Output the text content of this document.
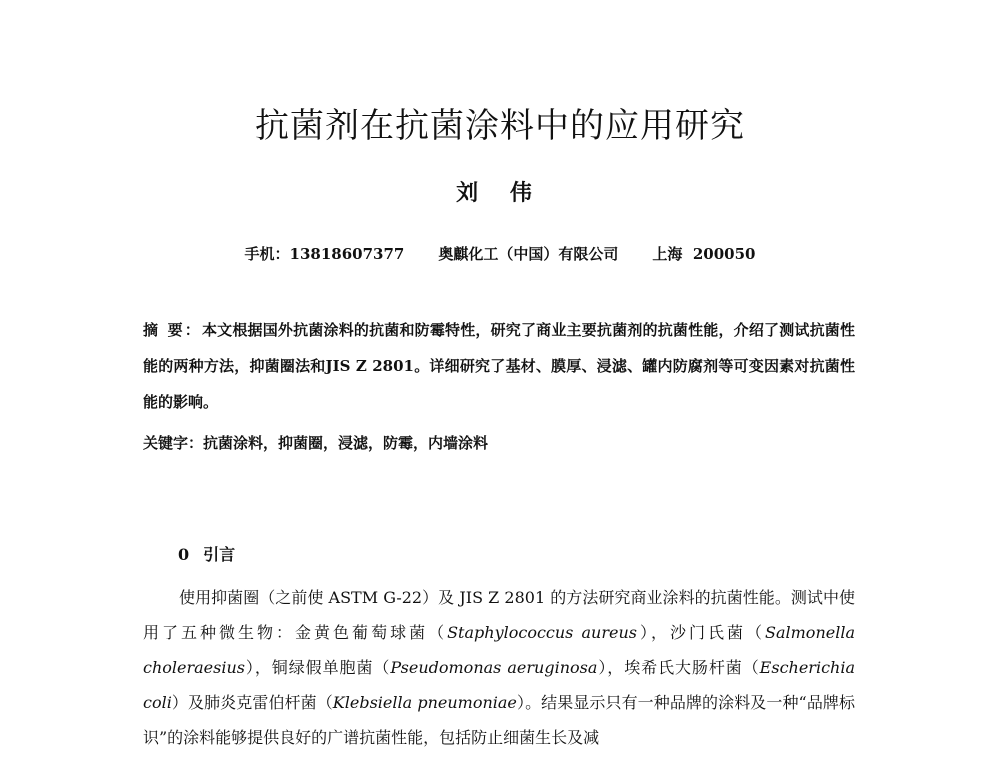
抗菌剂在抗菌涂料中的应用研究
刘 伟
手机：13818607377 奥麒化工（中国）有限公司 上海  200050
摘 要：本文根据国外抗菌涂料的抗菌和防霉特性，研究了商业主要抗菌剂的抗菌性能，介绍了测试抗菌性能的两种方法，抑菌圈法和JIS Z 2801。详细研究了基材、膜厚、浸滤、罐内防腐剂等可变因素对抗菌性能的影响。
关键字：抗菌涂料，抑菌圈，浸滤，防霉，内墙涂料
0 引言
使用抑菌圈（之前使 ASTM G-22）及 JIS Z 2801 的方法研究商业涂料的抗菌性能。测试中使用了五种微生物：金黄色葡萄球菌（Staphylococcus aureus），沙门氏菌（Salmonella choleraesius），铜绿假单胞菌（Pseudomonas aeruginosa），埃希氏大肠杆菌（Escherichia coli）及肺炎克雷伯杆菌（Klebsiella pneumoniae）。结果显示只有一种品牌的涂料及一种“品牌标识”的涂料能够提供良好的广谱抗菌性能，包括防止细菌生长及减
